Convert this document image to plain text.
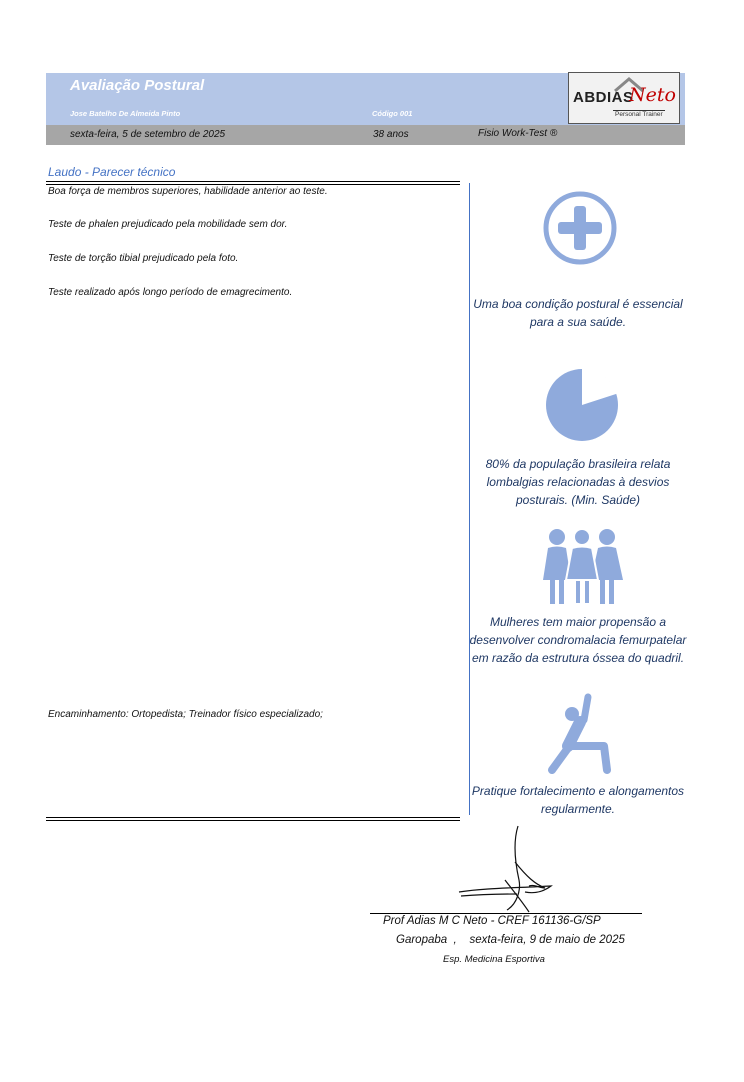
Avaliação Postural
Jose Batelho De Almeida Pinto	Código 001
sexta-feira, 5 de setembro de 2025	38 anos	Fisio Work-Test ®
ABDIAS
Neto
Personal Trainer
Laudo - Parecer técnico
Boa força de membros superiores, habilidade anterior ao teste.
Teste de phalen prejudicado pela mobilidade sem dor.
Teste de torção tibial prejudicado pela foto.
Teste realizado após longo período de emagrecimento.
Encaminhamento: Ortopedista; Treinador físico especializado;
Uma boa condição postural é essencial para a sua saúde.
80% da população brasileira relata lombalgias relacionadas à desvios posturais. (Min. Saúde)
Mulheres tem maior propensão a desenvolver condromalacia femurpatelar em razão da estrutura óssea do quadril.
Pratique fortalecimento e alongamentos regularmente.
Prof Adias M C Neto - CREF 161136-G/SP
Garopaba  ,    sexta-feira, 9 de maio de 2025
Esp. Medicina Esportiva
